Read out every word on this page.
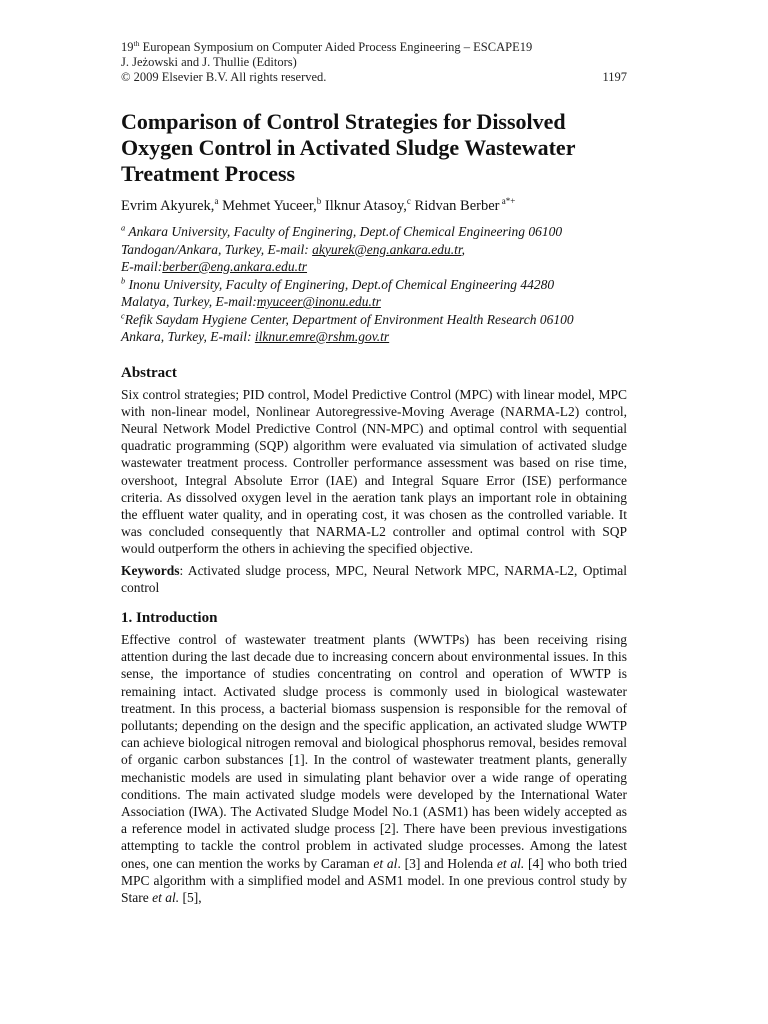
19th European Symposium on Computer Aided Process Engineering – ESCAPE19
J. Jeżowski and J. Thullie (Editors)
© 2009 Elsevier B.V. All rights reserved.	1197
Comparison of Control Strategies for Dissolved Oxygen Control in Activated Sludge Wastewater Treatment Process
Evrim Akyurek,$^a$ Mehmet Yuceer,$^b$ Ilknur Atasoy,$^c$ Ridvan Berber $^{a*+}$
$^a$ Ankara University, Faculty of Enginering, Dept.of Chemical Engineering 06100
Tandogan/Ankara, Turkey, E-mail: akyurek@eng.ankara.edu.tr,
E-mail:berber@eng.ankara.edu.tr
$^b$ Inonu University, Faculty of Enginering, Dept.of Chemical Engineering 44280
Malatya, Turkey, E-mail:myuceer@inonu.edu.tr
$^c$Refik Saydam Hygiene Center, Department of Environment Health Research 06100
Ankara, Turkey, E-mail: ilknur.emre@rshm.gov.tr
Abstract

Six control strategies; PID control, Model Predictive Control (MPC) with linear model, MPC with non-linear model, Nonlinear Autoregressive-Moving Average (NARMA-L2) control, Neural Network Model Predictive Control (NN-MPC) and optimal control with sequential quadratic programming (SQP) algorithm were evaluated via simulation of activated sludge wastewater treatment process. Controller performance assessment was based on rise time, overshoot, Integral Absolute Error (IAE) and Integral Square Error (ISE) performance criteria. As dissolved oxygen level in the aeration tank plays an important role in obtaining the effluent water quality, and in operating cost, it was chosen as the controlled variable. It was concluded consequently that NARMA-L2 controller and optimal control with SQP would outperform the others in achieving the specified objective.

Keywords: Activated sludge process, MPC, Neural Network MPC, NARMA-L2, Optimal control

1. Introduction

Effective control of wastewater treatment plants (WWTPs) has been receiving rising attention during the last decade due to increasing concern about environmental issues. In this sense, the importance of studies concentrating on control and operation of WWTP is remaining intact. Activated sludge process is commonly used in biological wastewater treatment. In this process, a bacterial biomass suspension is responsible for the removal of pollutants; depending on the design and the specific application, an activated sludge WWTP can achieve biological nitrogen removal and biological phosphorus removal, besides removal of organic carbon substances [1]. In the control of wastewater treatment plants, generally mechanistic models are used in simulating plant behavior over a wide range of operating conditions. The main activated sludge models were developed by the International Water Association (IWA). The Activated Sludge Model No.1 (ASM1) has been widely accepted as a reference model in activated sludge process [2]. There have been previous investigations attempting to tackle the control problem in activated sludge processes. Among the latest ones, one can mention the works by Caraman et al. [3] and Holenda et al. [4] who both tried MPC algorithm with a simplified model and ASM1 model. In one previous control study by Stare et al. [5],
